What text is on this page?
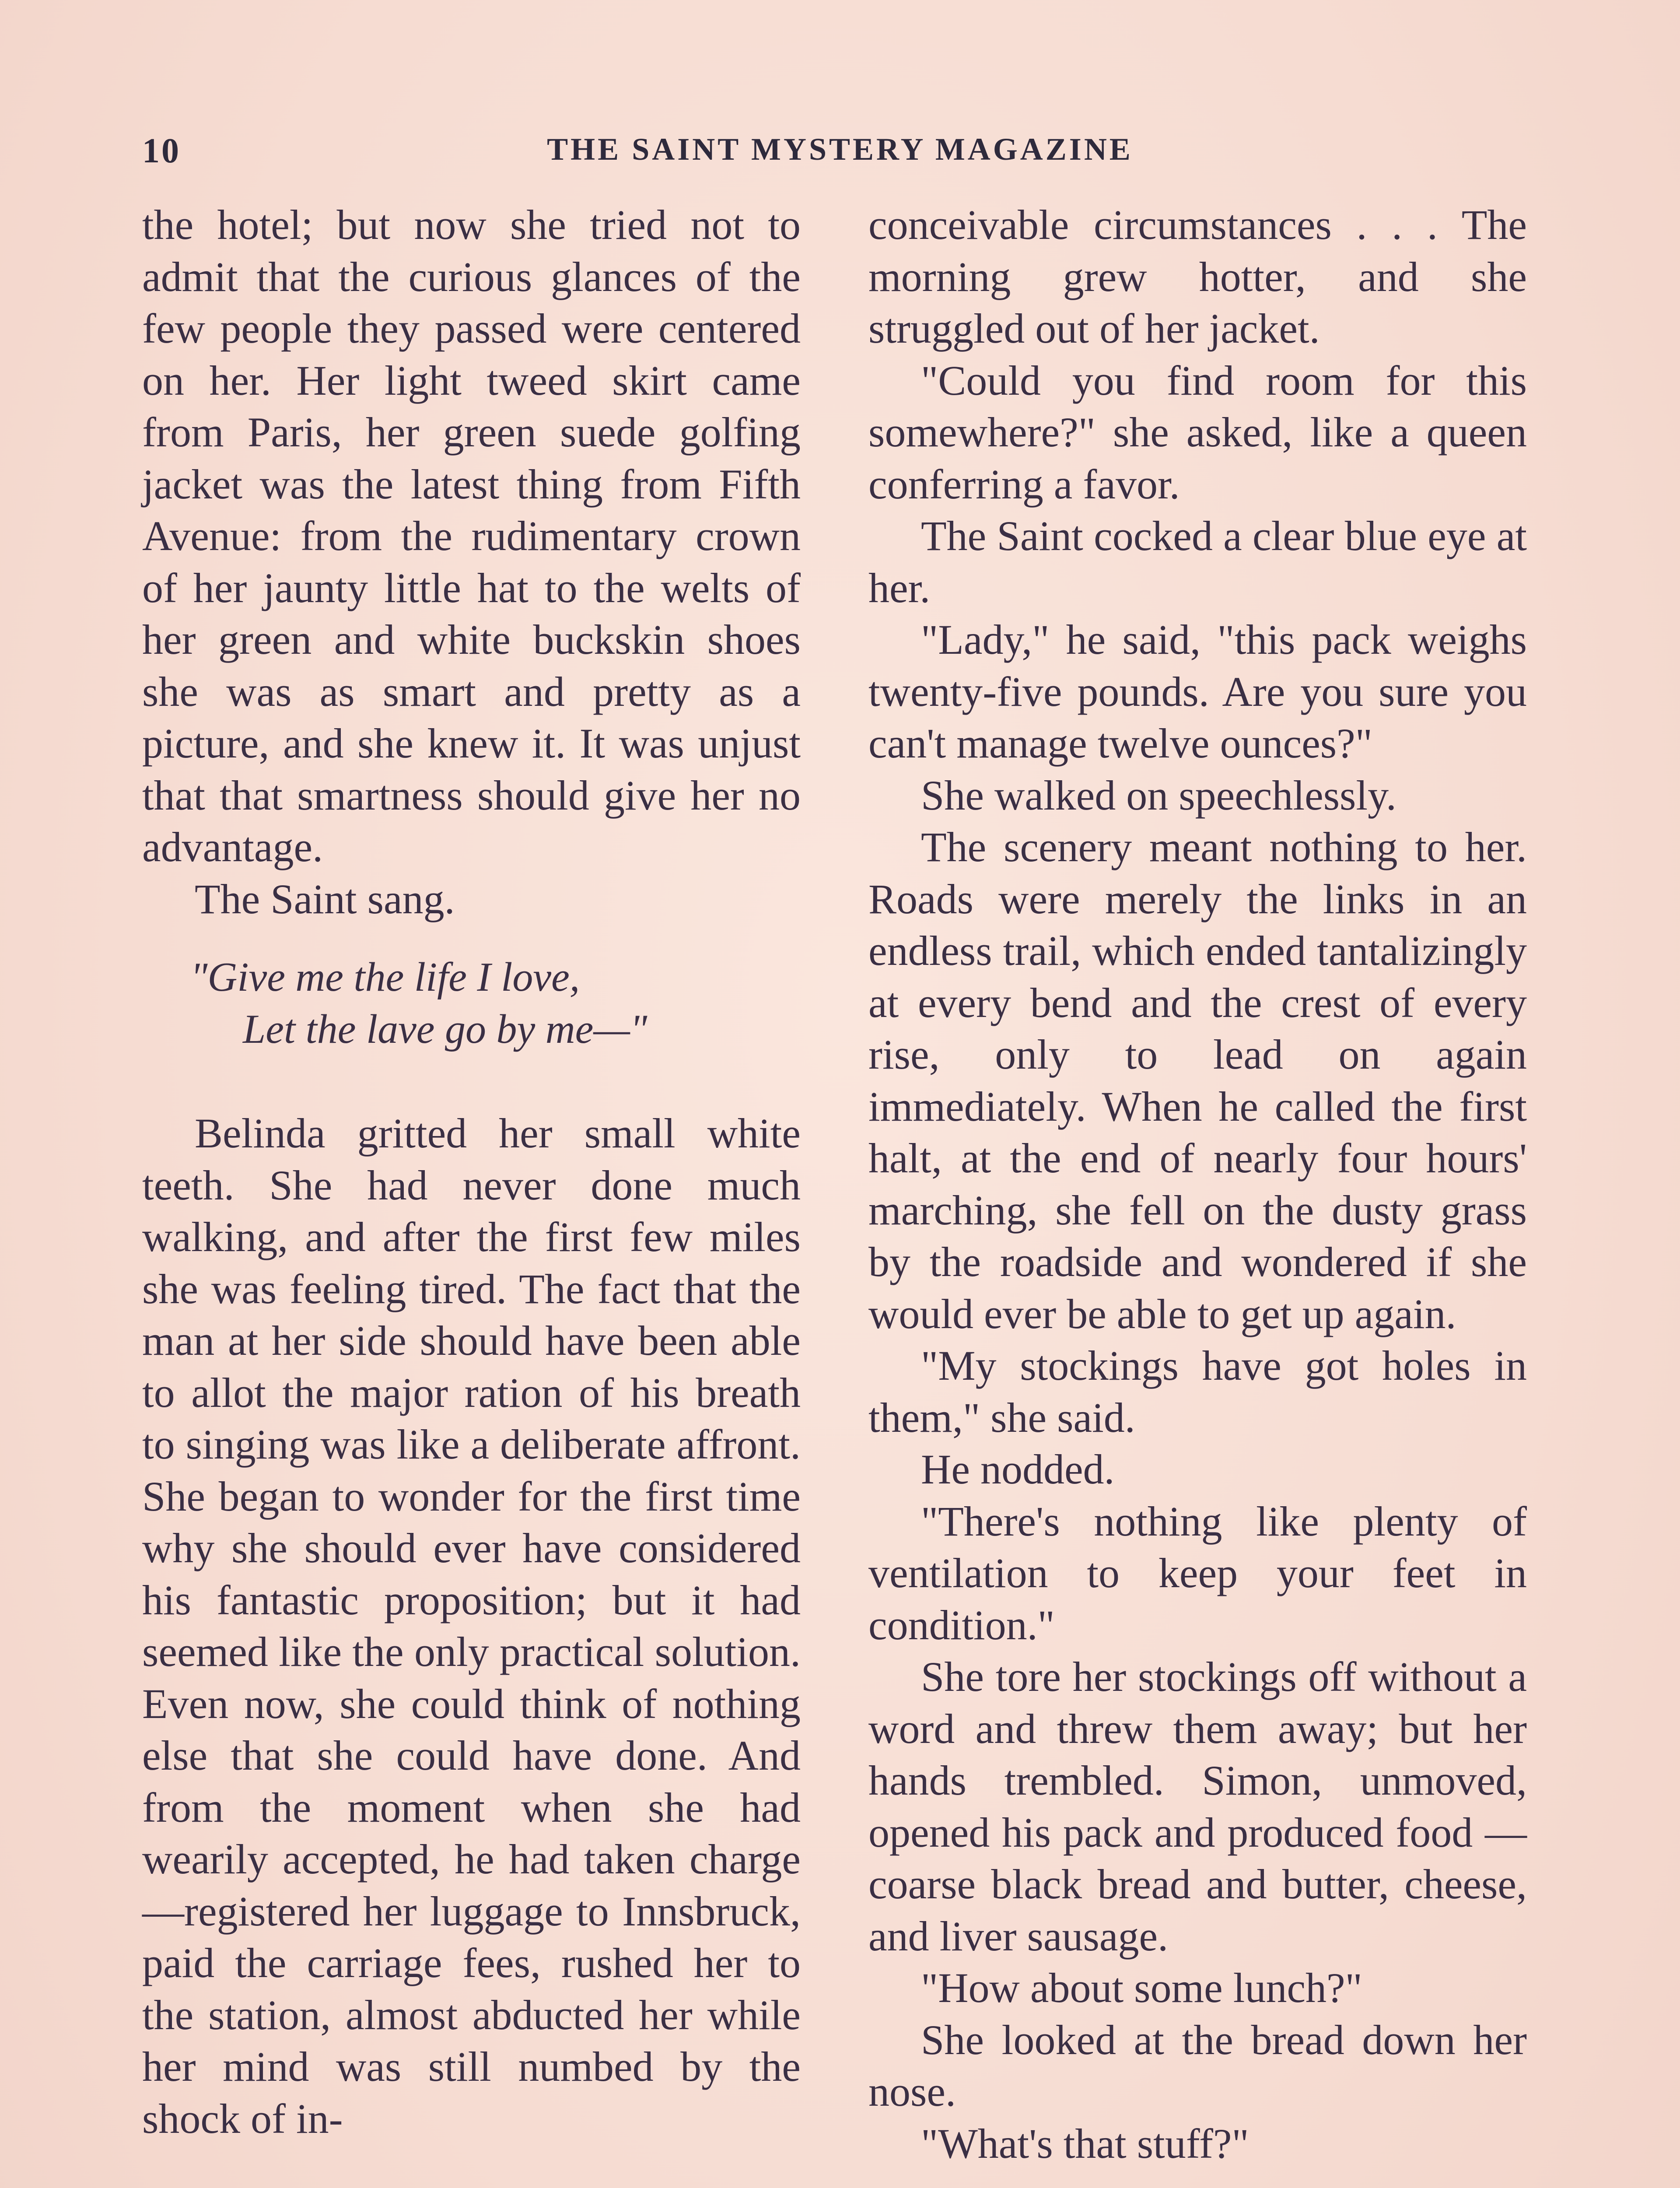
10	THE SAINT MYSTERY MAGAZINE

the hotel; but now she tried not to admit that the curious glances of the few people they passed were centered on her. Her light tweed skirt came from Paris, her green suede golfing jacket was the latest thing from Fifth Avenue: from the rudimentary crown of her jaunty little hat to the welts of her green and white buckskin shoes she was as smart and pretty as a picture, and she knew it. It was unjust that that smartness should give her no advantage.

The Saint sang.

"Give me the life I love,
Let the lave go by me—"

Belinda gritted her small white teeth. She had never done much walking, and after the first few miles she was feeling tired. The fact that the man at her side should have been able to allot the major ration of his breath to singing was like a deliberate affront. She began to wonder for the first time why she should ever have considered his fantastic proposition; but it had seemed like the only practical solution. Even now, she could think of nothing else that she could have done. And from the moment when she had wearily accepted, he had taken charge—registered her luggage to Innsbruck, paid the carriage fees, rushed her to the station, almost abducted her while her mind was still numbed by the shock of in-

conceivable circumstances . . . The morning grew hotter, and she struggled out of her jacket.

"Could you find room for this somewhere?" she asked, like a queen conferring a favor.

The Saint cocked a clear blue eye at her.

"Lady," he said, "this pack weighs twenty-five pounds. Are you sure you can't manage twelve ounces?"

She walked on speechlessly.

The scenery meant nothing to her. Roads were merely the links in an endless trail, which ended tantalizingly at every bend and the crest of every rise, only to lead on again immediately. When he called the first halt, at the end of nearly four hours' marching, she fell on the dusty grass by the roadside and wondered if she would ever be able to get up again.

"My stockings have got holes in them," she said.

He nodded.

"There's nothing like plenty of ventilation to keep your feet in condition."

She tore her stockings off without a word and threw them away; but her hands trembled. Simon, unmoved, opened his pack and produced food — coarse black bread and butter, cheese, and liver sausage.

"How about some lunch?"

She looked at the bread down her nose.

"What's that stuff?"
